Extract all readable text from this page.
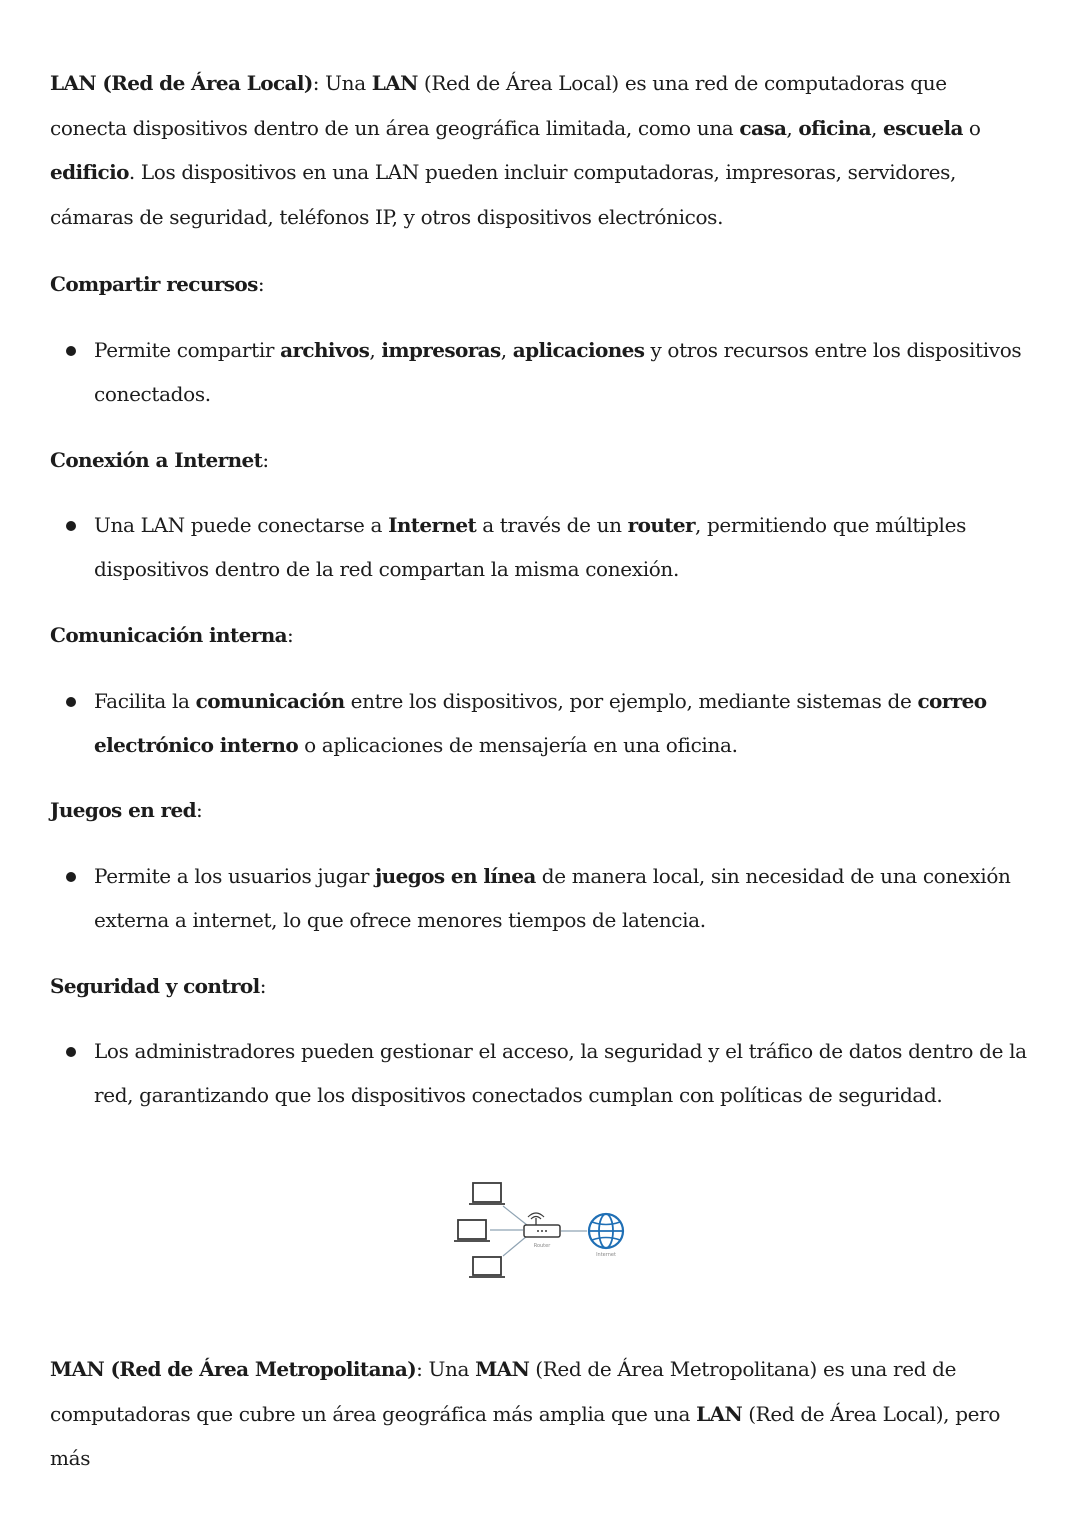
LAN (Red de Área Local): Una LAN (Red de Área Local) es una red de computadoras que conecta dispositivos dentro de un área geográfica limitada, como una casa, oficina, escuela o edificio. Los dispositivos en una LAN pueden incluir computadoras, impresoras, servidores, cámaras de seguridad, teléfonos IP, y otros dispositivos electrónicos.

Compartir recursos:

Permite compartir archivos, impresoras, aplicaciones y otros recursos entre los dispositivos conectados.

Conexión a Internet:

Una LAN puede conectarse a Internet a través de un router, permitiendo que múltiples dispositivos dentro de la red compartan la misma conexión.

Comunicación interna:

Facilita la comunicación entre los dispositivos, por ejemplo, mediante sistemas de correo electrónico interno o aplicaciones de mensajería en una oficina.

Juegos en red:

Permite a los usuarios jugar juegos en línea de manera local, sin necesidad de una conexión externa a internet, lo que ofrece menores tiempos de latencia.

Seguridad y control:

Los administradores pueden gestionar el acceso, la seguridad y el tráfico de datos dentro de la red, garantizando que los dispositivos conectados cumplan con políticas de seguridad.

Router
Internet

MAN (Red de Área Metropolitana): Una MAN (Red de Área Metropolitana) es una red de computadoras que cubre un área geográfica más amplia que una LAN (Red de Área Local), pero más
